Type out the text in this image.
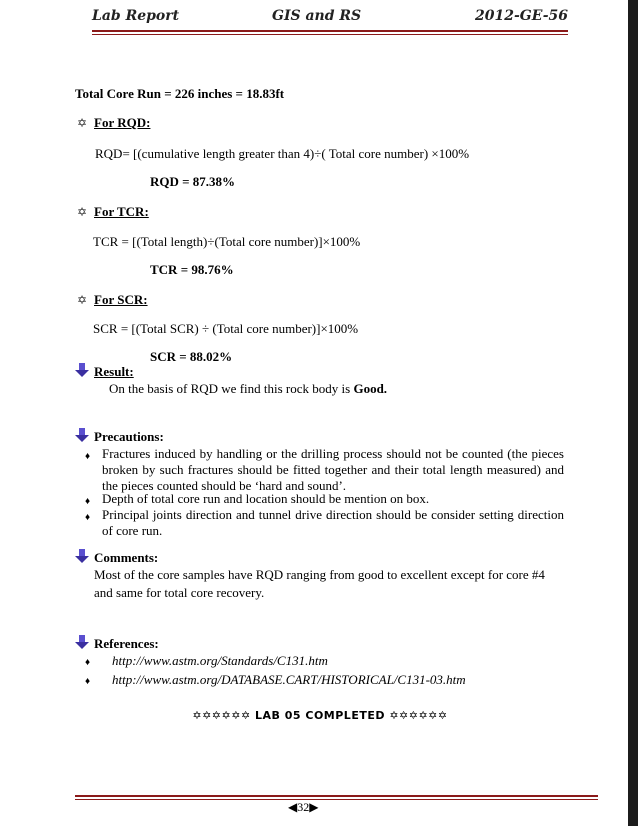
Lab Report	GIS and RS	2012-GE-56
Total Core Run = 226 inches = 18.83ft
✡ For RQD:
RQD= [(cumulative length greater than 4)÷( Total core number) ×100%
RQD = 87.38%
✡ For TCR:
TCR = [(Total length)÷(Total core number)]×100%
TCR = 98.76%
✡ For SCR:
SCR = [(Total SCR) ÷ (Total core number)]×100%
SCR = 88.02%
Result:
On the basis of RQD we find this rock body is Good.
Precautions:
♦ Fractures induced by handling or the drilling process should not be counted (the pieces broken by such fractures should be fitted together and their total length measured) and the pieces counted should be ‘hard and sound’.
♦ Depth of total core run and location should be mention on box.
♦ Principal joints direction and tunnel drive direction should be consider setting direction of core run.
Comments:
Most of the core samples have RQD ranging from good to excellent except for core #4 and same for total core recovery.
References:
♦ http://www.astm.org/Standards/C131.htm
♦ http://www.astm.org/DATABASE.CART/HISTORICAL/C131-03.htm
✡✡✡✡✡✡ LAB 05 COMPLETED ✡✡✡✡✡✡
◀32▶
